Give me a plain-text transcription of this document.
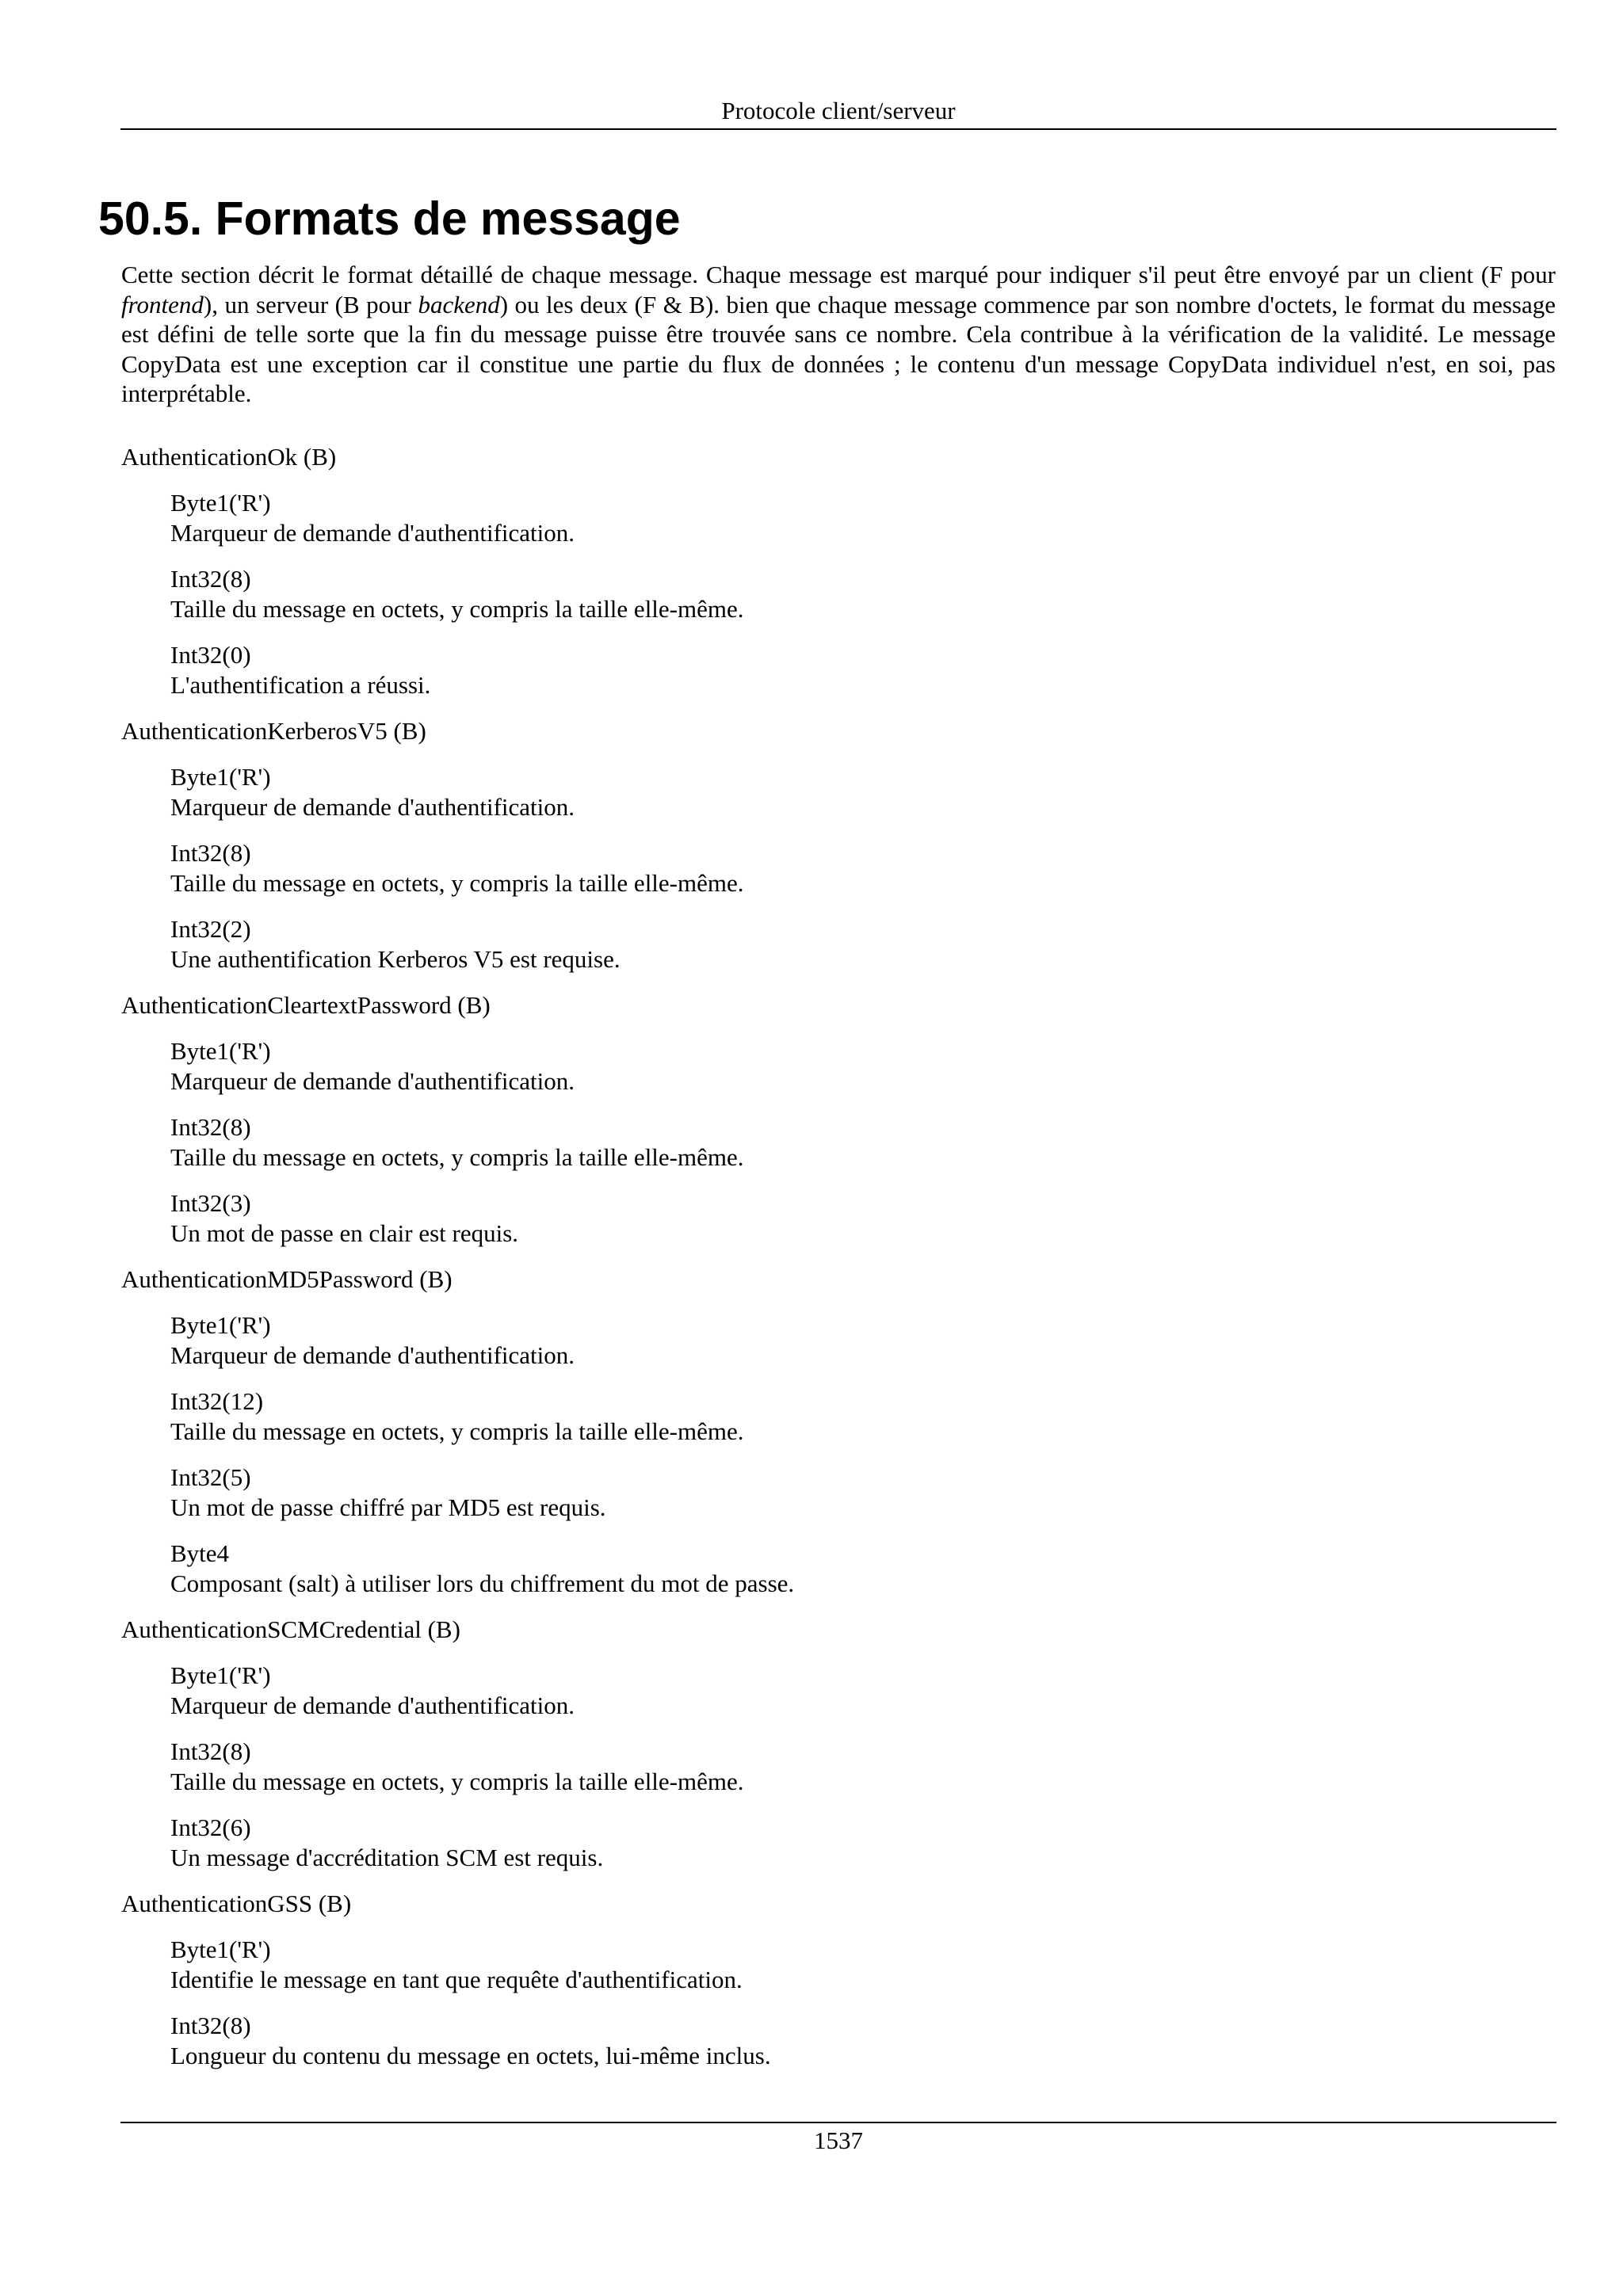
Protocole client/serveur
50.5. Formats de message

Cette section décrit le format détaillé de chaque message. Chaque message est marqué pour indiquer s'il peut être envoyé par un client (F pour frontend), un serveur (B pour backend) ou les deux (F & B). bien que chaque message commence par son nombre d'octets, le format du message est défini de telle sorte que la fin du message puisse être trouvée sans ce nombre. Cela contribue à la vérification de la validité. Le message CopyData est une exception car il constitue une partie du flux de données ; le contenu d'un message CopyData individuel n'est, en soi, pas interprétable.

AuthenticationOk (B)
Byte1('R')
Marqueur de demande d'authentification.
Int32(8)
Taille du message en octets, y compris la taille elle-même.
Int32(0)
L'authentification a réussi.
AuthenticationKerberosV5 (B)
Byte1('R')
Marqueur de demande d'authentification.
Int32(8)
Taille du message en octets, y compris la taille elle-même.
Int32(2)
Une authentification Kerberos V5 est requise.
AuthenticationCleartextPassword (B)
Byte1('R')
Marqueur de demande d'authentification.
Int32(8)
Taille du message en octets, y compris la taille elle-même.
Int32(3)
Un mot de passe en clair est requis.
AuthenticationMD5Password (B)
Byte1('R')
Marqueur de demande d'authentification.
Int32(12)
Taille du message en octets, y compris la taille elle-même.
Int32(5)
Un mot de passe chiffré par MD5 est requis.
Byte4
Composant (salt) à utiliser lors du chiffrement du mot de passe.
AuthenticationSCMCredential (B)
Byte1('R')
Marqueur de demande d'authentification.
Int32(8)
Taille du message en octets, y compris la taille elle-même.
Int32(6)
Un message d'accréditation SCM est requis.
AuthenticationGSS (B)
Byte1('R')
Identifie le message en tant que requête d'authentification.
Int32(8)
Longueur du contenu du message en octets, lui-même inclus.
1537
